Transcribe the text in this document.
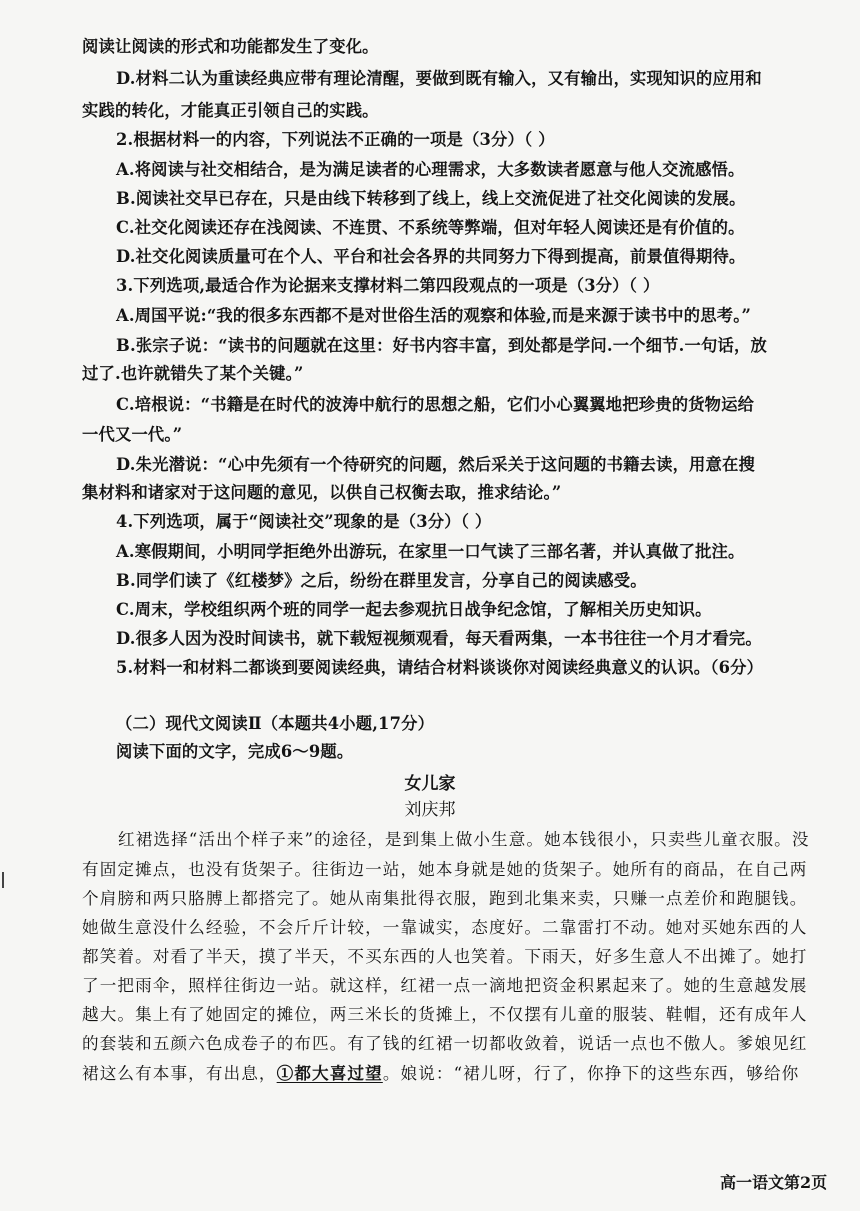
阅读让阅读的形式和功能都发生了变化。
D.材料二认为重读经典应带有理论清醒，要做到既有输入，又有输出，实现知识的应用和
实践的转化，才能真正引领自己的实践。
2.根据材料一的内容，下列说法不正确的一项是（3分）（ ）
A.将阅读与社交相结合，是为满足读者的心理需求，大多数读者愿意与他人交流感悟。
B.阅读社交早已存在，只是由线下转移到了线上，线上交流促进了社交化阅读的发展。
C.社交化阅读还存在浅阅读、不连贯、不系统等弊端，但对年轻人阅读还是有价值的。
D.社交化阅读质量可在个人、平台和社会各界的共同努力下得到提高，前景值得期待。
3.下列选项,最适合作为论据来支撑材料二第四段观点的一项是（3分）（ ）
A.周国平说:“我的很多东西都不是对世俗生活的观察和体验,而是来源于读书中的思考。”
B.张宗子说：“读书的问题就在这里：好书内容丰富，到处都是学问.一个细节.一句话，放
过了.也许就错失了某个关键。”
C.培根说：“书籍是在时代的波涛中航行的思想之船，它们小心翼翼地把珍贵的货物运给
一代又一代。”
D.朱光潜说：“心中先须有一个待研究的问题，然后采关于这问题的书籍去读，用意在搜
集材料和诸家对于这问题的意见，以供自己权衡去取，推求结论。”
4.下列选项，属于“阅读社交”现象的是（3分）（ ）
A.寒假期间，小明同学拒绝外出游玩，在家里一口气读了三部名著，并认真做了批注。
B.同学们读了《红楼梦》之后，纷纷在群里发言，分享自己的阅读感受。
C.周末，学校组织两个班的同学一起去参观抗日战争纪念馆，了解相关历史知识。
D.很多人因为没时间读书，就下载短视频观看，每天看两集，一本书往往一个月才看完。
5.材料一和材料二都谈到要阅读经典，请结合材料谈谈你对阅读经典意义的认识。（6分）
（二）现代文阅读Ⅱ（本题共4小题,17分）
阅读下面的文字，完成6～9题。
女儿家
刘庆邦
红裙选择“活出个样子来”的途径，是到集上做小生意。她本钱很小，只卖些儿童衣服。没
有固定摊点，也没有货架子。往街边一站，她本身就是她的货架子。她所有的商品，在自己两
个肩膀和两只胳膊上都搭完了。她从南集批得衣服，跑到北集来卖，只赚一点差价和跑腿钱。
她做生意没什么经验，不会斤斤计较，一靠诚实，态度好。二靠雷打不动。她对买她东西的人
都笑着。对看了半天，摸了半天，不买东西的人也笑着。下雨天，好多生意人不出摊了。她打
了一把雨伞，照样往街边一站。就这样，红裙一点一滴地把资金积累起来了。她的生意越发展
越大。集上有了她固定的摊位，两三米长的货摊上，不仅摆有儿童的服装、鞋帽，还有成年人
的套装和五颜六色成卷子的布匹。有了钱的红裙一切都收敛着，说话一点也不傲人。爹娘见红
裙这么有本事，有出息，①都大喜过望。娘说：“裙儿呀，行了，你挣下的这些东西，够给你
高一语文第2页
